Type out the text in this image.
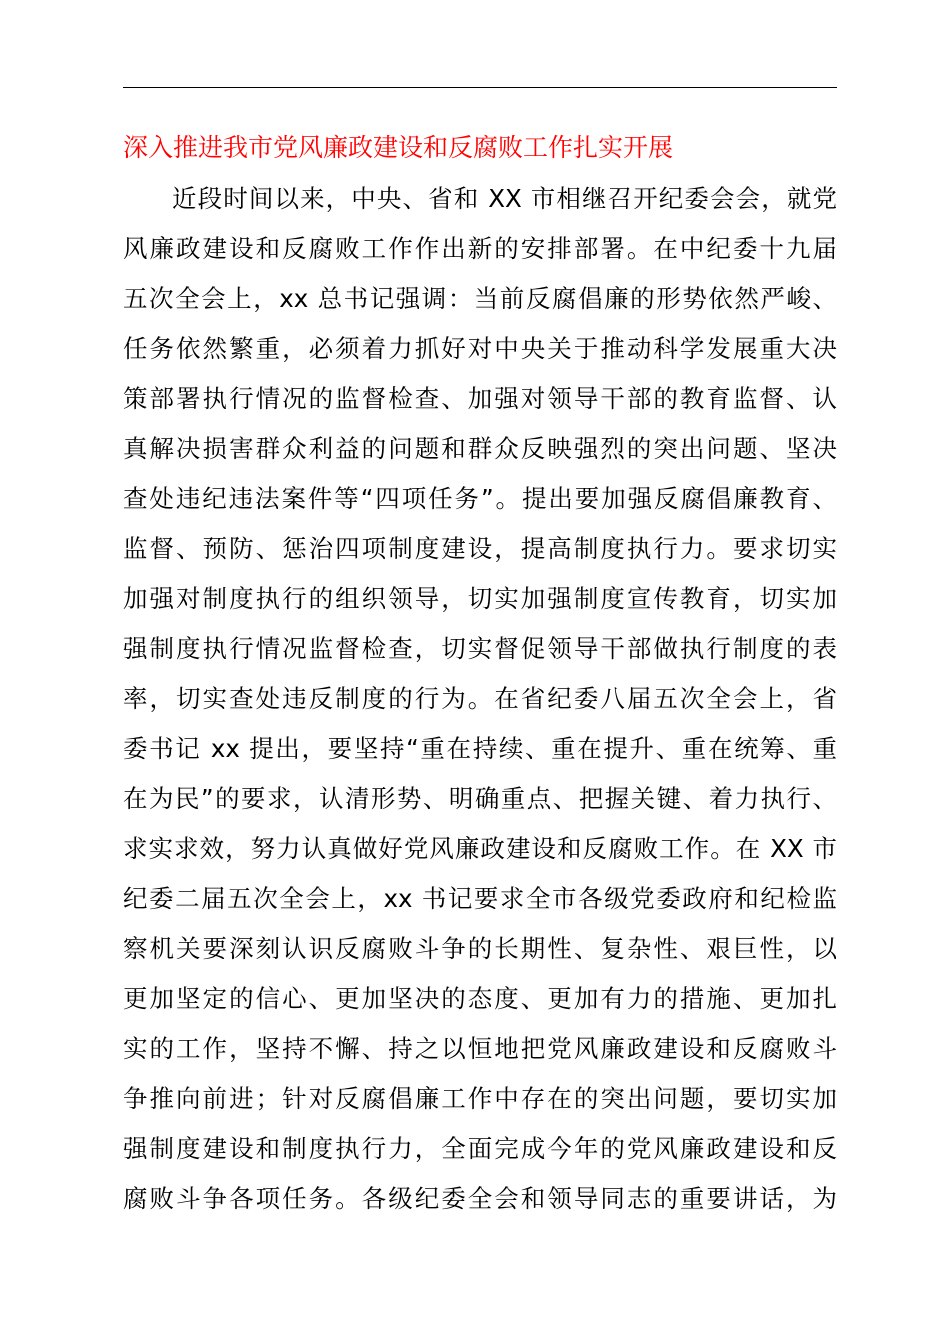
深入推进我市党风廉政建设和反腐败工作扎实开展
近段时间以来，中央、省和 XX 市相继召开纪委会会，就党
风廉政建设和反腐败工作作出新的安排部署。在中纪委十九届
五次全会上，xx 总书记强调：当前反腐倡廉的形势依然严峻、
任务依然繁重，必须着力抓好对中央关于推动科学发展重大决
策部署执行情况的监督检查、加强对领导干部的教育监督、认
真解决损害群众利益的问题和群众反映强烈的突出问题、坚决
查处违纪违法案件等“四项任务”。提出要加强反腐倡廉教育、
监督、预防、惩治四项制度建设，提高制度执行力。要求切实
加强对制度执行的组织领导，切实加强制度宣传教育，切实加
强制度执行情况监督检查，切实督促领导干部做执行制度的表
率，切实查处违反制度的行为。在省纪委八届五次全会上，省
委书记 xx 提出，要坚持“重在持续、重在提升、重在统筹、重
在为民”的要求，认清形势、明确重点、把握关键、着力执行、
求实求效，努力认真做好党风廉政建设和反腐败工作。在 XX 市
纪委二届五次全会上，xx 书记要求全市各级党委政府和纪检监
察机关要深刻认识反腐败斗争的长期性、复杂性、艰巨性，以
更加坚定的信心、更加坚决的态度、更加有力的措施、更加扎
实的工作，坚持不懈、持之以恒地把党风廉政建设和反腐败斗
争推向前进；针对反腐倡廉工作中存在的突出问题，要切实加
强制度建设和制度执行力，全面完成今年的党风廉政建设和反
腐败斗争各项任务。各级纪委全会和领导同志的重要讲话，为
